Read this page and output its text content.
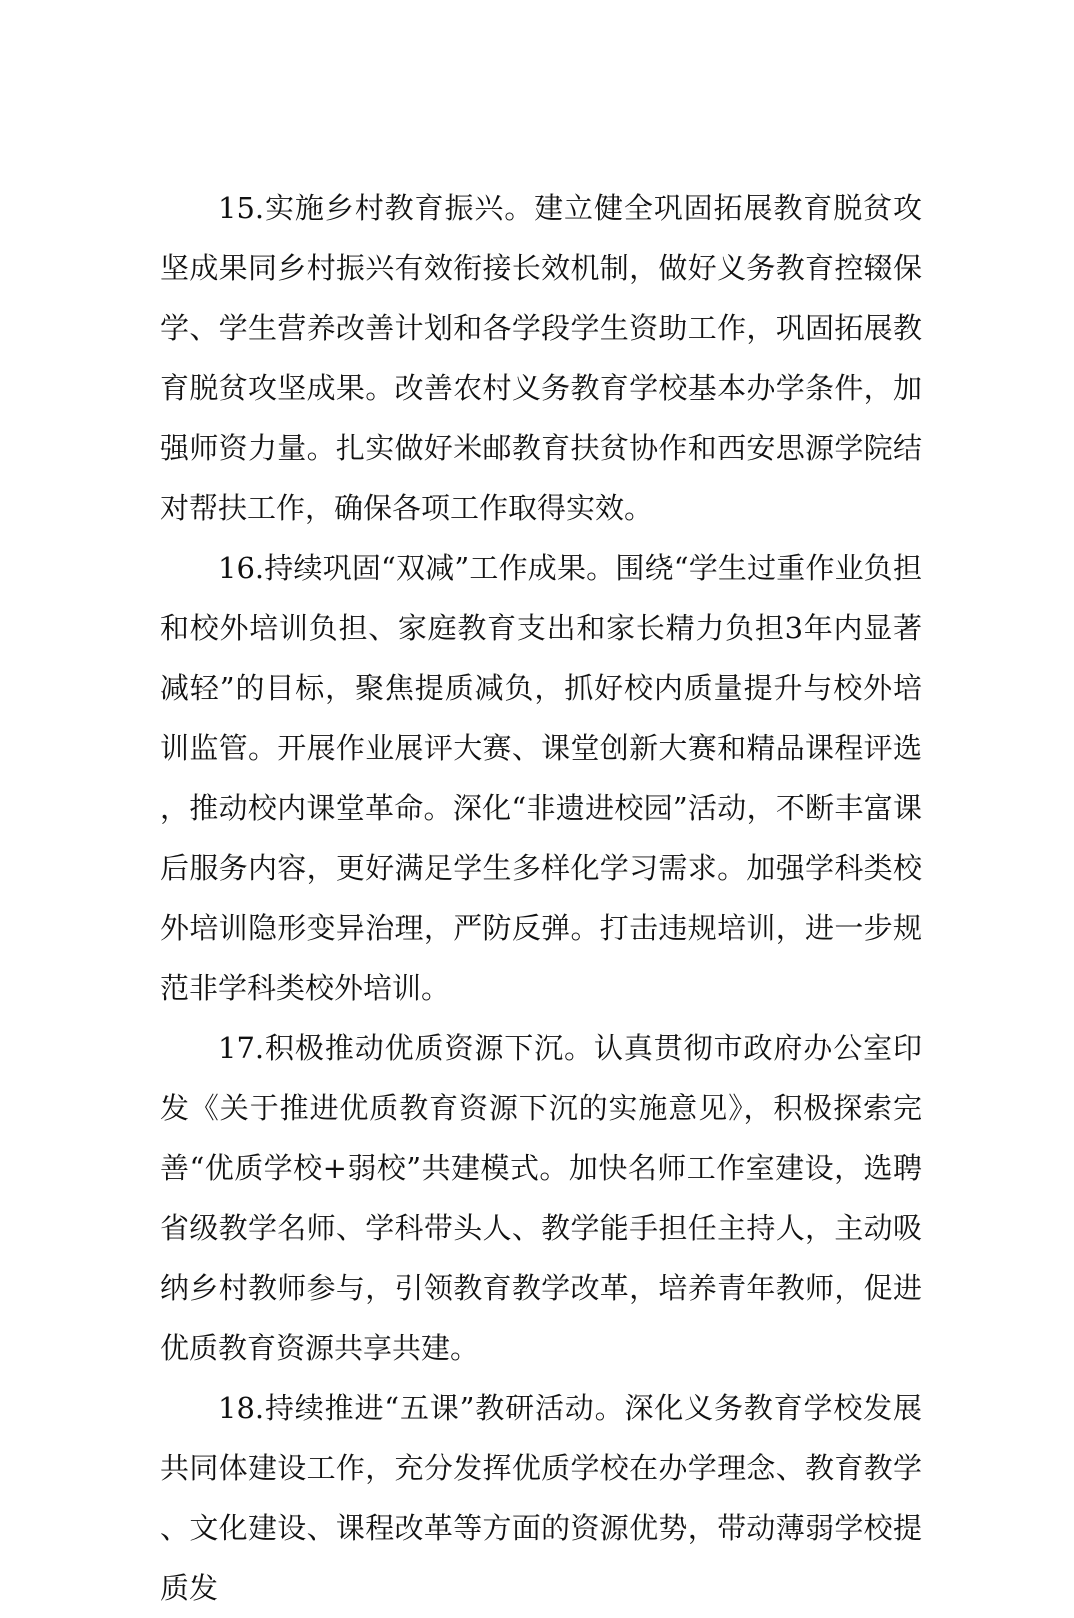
15.实施乡村教育振兴。建立健全巩固拓展教育脱贫攻坚成果同乡村振兴有效衔接长效机制，做好义务教育控辍保学、学生营养改善计划和各学段学生资助工作，巩固拓展教育脱贫攻坚成果。改善农村义务教育学校基本办学条件，加强师资力量。扎实做好米邮教育扶贫协作和西安思源学院结对帮扶工作，确保各项工作取得实效。

16.持续巩固“双减”工作成果。围绕“学生过重作业负担和校外培训负担、家庭教育支出和家长精力负担3年内显著减轻”的目标，聚焦提质减负，抓好校内质量提升与校外培训监管。开展作业展评大赛、课堂创新大赛和精品课程评选，推动校内课堂革命。深化“非遗进校园”活动，不断丰富课后服务内容，更好满足学生多样化学习需求。加强学科类校外培训隐形变异治理，严防反弹。打击违规培训，进一步规范非学科类校外培训。

17.积极推动优质资源下沉。认真贯彻市政府办公室印发《关于推进优质教育资源下沉的实施意见》，积极探索完善“优质学校+弱校”共建模式。加快名师工作室建设，选聘省级教学名师、学科带头人、教学能手担任主持人，主动吸纳乡村教师参与，引领教育教学改革，培养青年教师，促进优质教育资源共享共建。

18.持续推进“五课”教研活动。深化义务教育学校发展共同体建设工作，充分发挥优质学校在办学理念、教育教学、文化建设、课程改革等方面的资源优势，带动薄弱学校提质发
